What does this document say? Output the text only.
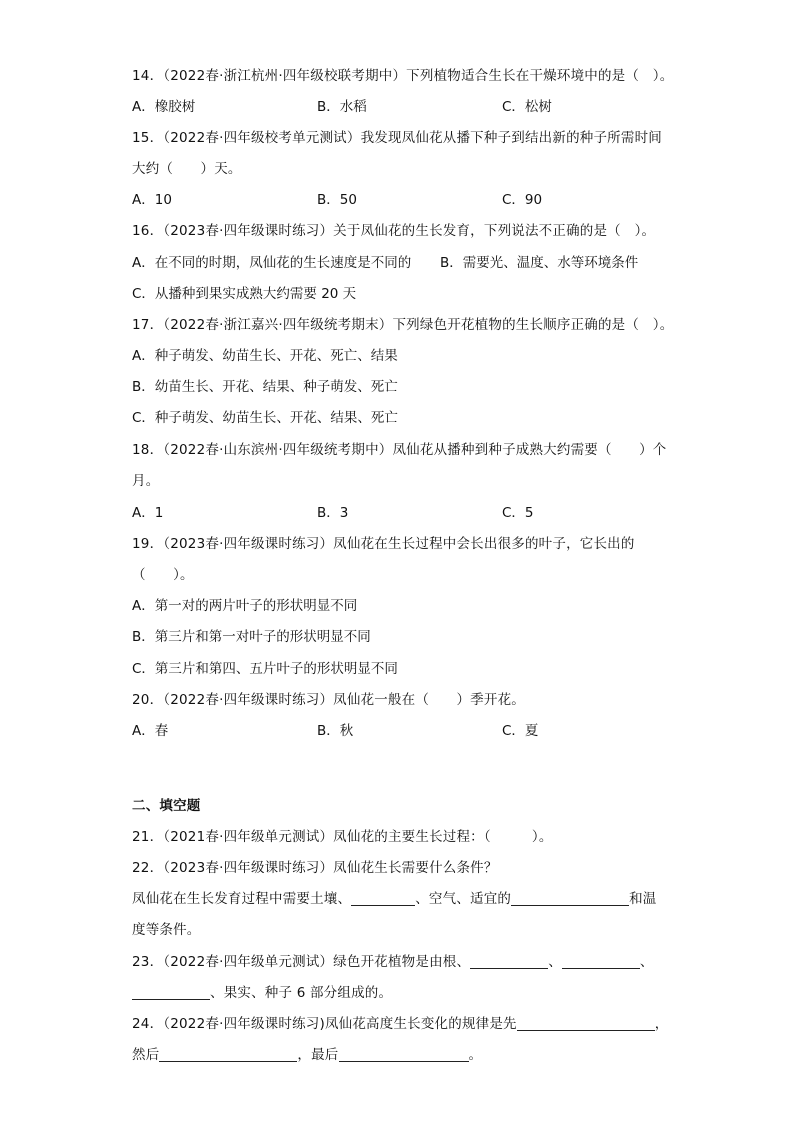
14．（2022春·浙江杭州·四年级校联考期中）下列植物适合生长在干燥环境中的是（　）。
A．橡胶树	B．水稻	C．松树
15．（2022春·四年级校考单元测试）我发现凤仙花从播下种子到结出新的种子所需时间
大约（　　）天。
A．10	B．50	C．90
16．（2023春·四年级课时练习）关于凤仙花的生长发育，下列说法不正确的是（　）。
A．在不同的时期，凤仙花的生长速度是不同的 B．需要光、温度、水等环境条件
C．从播种到果实成熟大约需要 20 天
17．（2022春·浙江嘉兴·四年级统考期末）下列绿色开花植物的生长顺序正确的是（　）。
A．种子萌发、幼苗生长、开花、死亡、结果
B．幼苗生长、开花、结果、种子萌发、死亡
C．种子萌发、幼苗生长、开花、结果、死亡
18．（2022春·山东滨州·四年级统考期中）凤仙花从播种到种子成熟大约需要（　　）个
月。
A．1	B．3	C．5
19．（2023春·四年级课时练习）凤仙花在生长过程中会长出很多的叶子，它长出的
（　　）。
A．第一对的两片叶子的形状明显不同
B．第三片和第一对叶子的形状明显不同
C．第三片和第四、五片叶子的形状明显不同
20．（2022春·四年级课时练习）凤仙花一般在（　　）季开花。
A．春	B．秋	C．夏
二、填空题
21．（2021春·四年级单元测试）凤仙花的主要生长过程：（　　　）。
22．（2023春·四年级课时练习）凤仙花生长需要什么条件？
凤仙花在生长发育过程中需要土壤、	、空气、适宜的	和温
度等条件。
23．（2022春·四年级单元测试）绿色开花植物是由根、	、	、
、果实、种子 6 部分组成的。
24．（2022春·四年级课时练习)凤仙花高度生长变化的规律是先	，
然后	，最后	。
